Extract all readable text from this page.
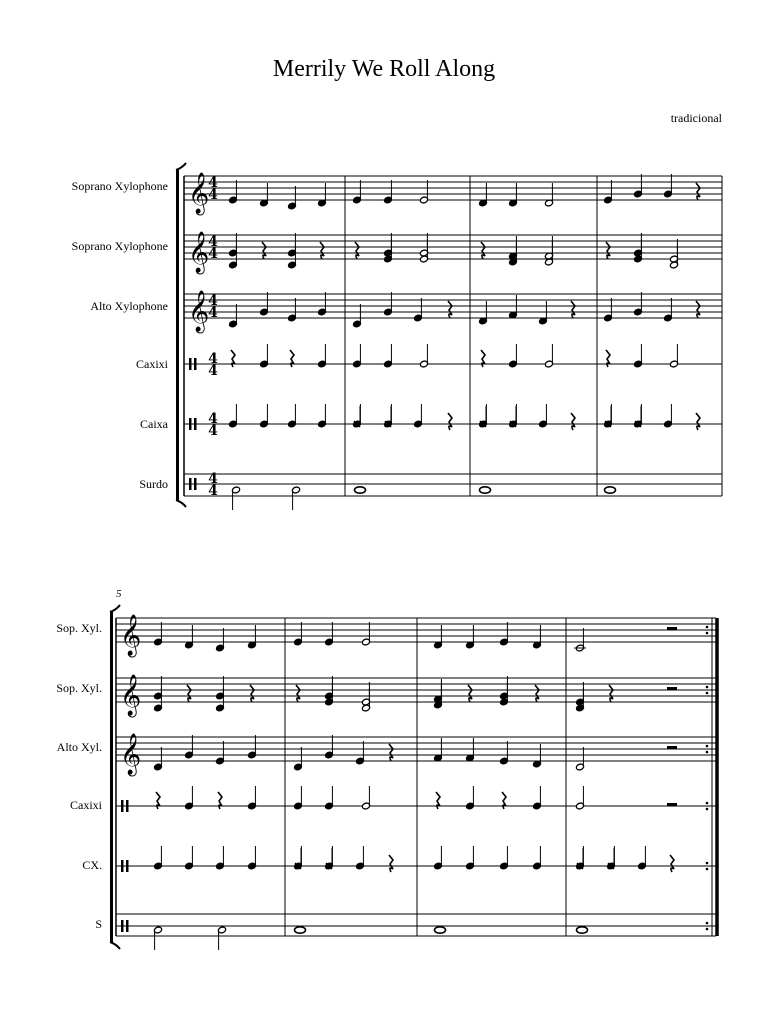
Merrily We Roll Along
tradicional
Soprano Xylophone
Soprano Xylophone
Alto Xylophone
Caxixi
Caixa
Surdo
5
Sop. Xyl.
Sop. Xyl.
Alto Xyl.
Caxixi
CX.
S
𝄞
4
4
𝄞
4
4
𝄞
4
4
4
4
4
4
4
4
𝄞
𝄞
𝄞
